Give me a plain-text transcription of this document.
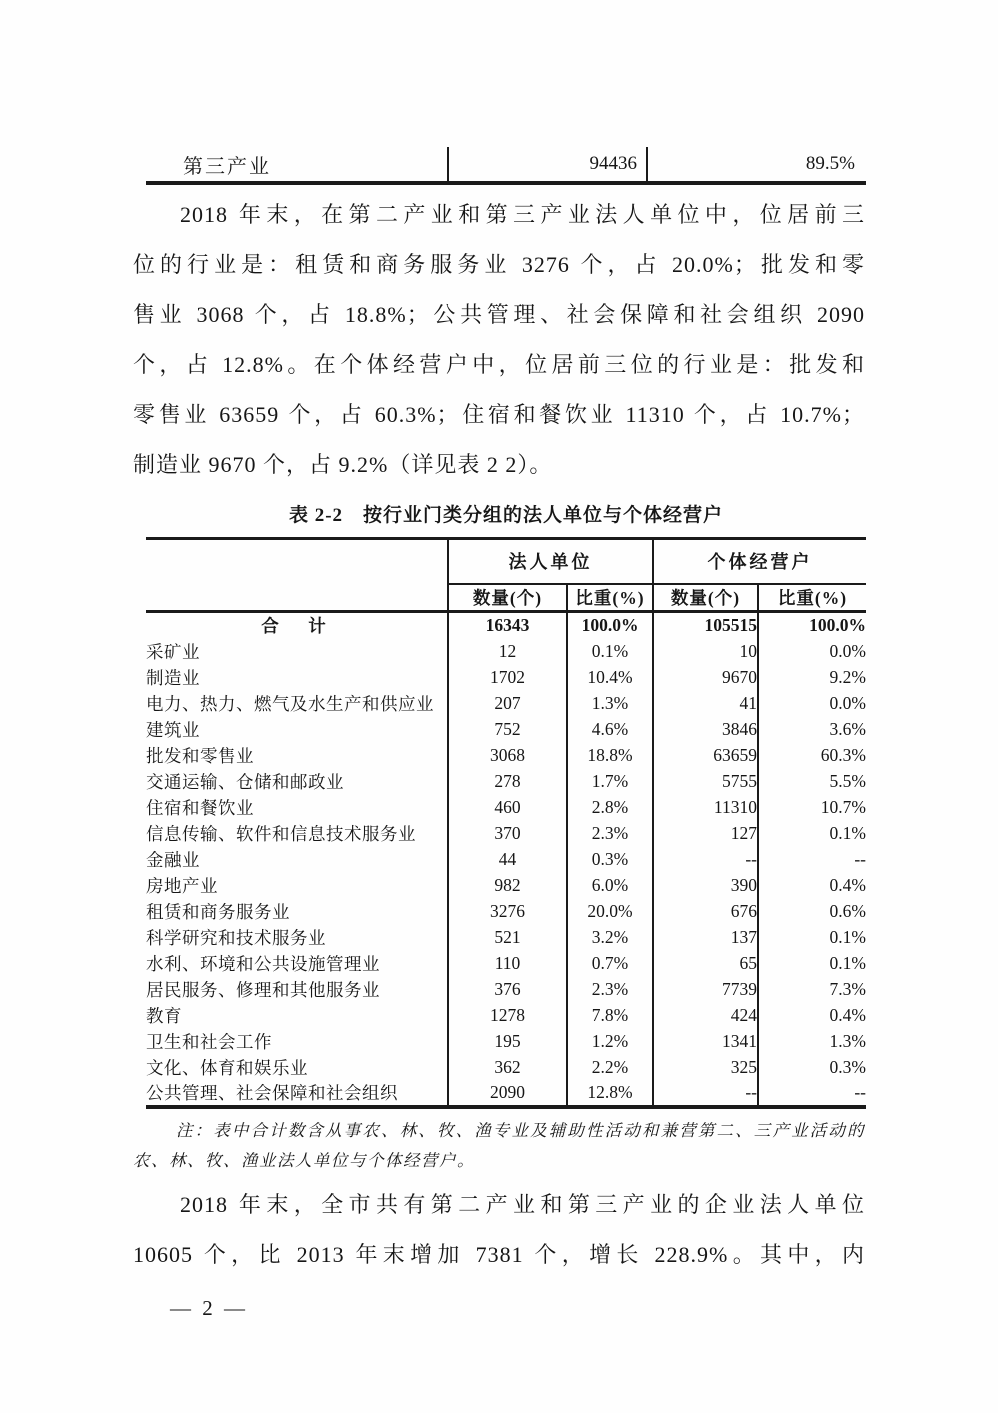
第三产业	94436	89.5%
2018 年末，在第二产业和第三产业法人单位中，位居前三
位的行业是：租赁和商务服务业 3276 个，占 20.0%；批发和零
售业 3068 个，占 18.8%；公共管理、社会保障和社会组织 2090
个，占 12.8%。在个体经营户中，位居前三位的行业是：批发和
零售业 63659 个，占 60.3%；住宿和餐饮业 11310 个，占 10.7%；
制造业 9670 个，占 9.2%（详见表 2 2）。
表 2-2　按行业门类分组的法人单位与个体经营户
	法人单位		个体经营户	
	数量(个)	比重(%)	数量(个)	比重(%)
合　计	16343	100.0%	105515	100.0%
采矿业	12	0.1%	10	0.0%
制造业	1702	10.4%	9670	9.2%
电力、热力、燃气及水生产和供应业	207	1.3%	41	0.0%
建筑业	752	4.6%	3846	3.6%
批发和零售业	3068	18.8%	63659	60.3%
交通运输、仓储和邮政业	278	1.7%	5755	5.5%
住宿和餐饮业	460	2.8%	11310	10.7%
信息传输、软件和信息技术服务业	370	2.3%	127	0.1%
金融业	44	0.3%	--	--
房地产业	982	6.0%	390	0.4%
租赁和商务服务业	3276	20.0%	676	0.6%
科学研究和技术服务业	521	3.2%	137	0.1%
水利、环境和公共设施管理业	110	0.7%	65	0.1%
居民服务、修理和其他服务业	376	2.3%	7739	7.3%
教育	1278	7.8%	424	0.4%
卫生和社会工作	195	1.2%	1341	1.3%
文化、体育和娱乐业	362	2.2%	325	0.3%
公共管理、社会保障和社会组织	2090	12.8%	--	--
注：表中合计数含从事农、林、牧、渔专业及辅助性活动和兼营第二、三产业活动的
农、林、牧、渔业法人单位与个体经营户。
2018 年末，全市共有第二产业和第三产业的企业法人单位
10605 个，比 2013 年末增加 7381 个，增长 228.9%。其中，内
— 2 —
